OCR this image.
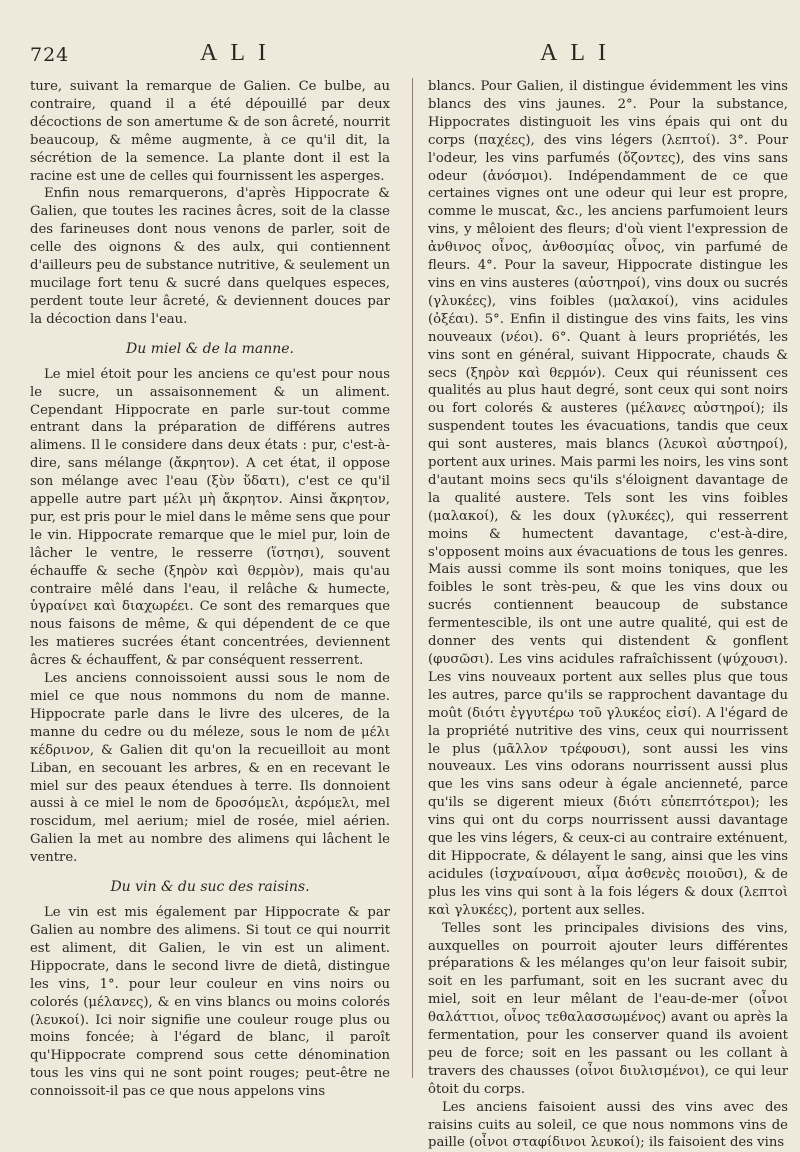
724	ALI	ALI

ture, suivant la remarque de Galien. Ce bulbe, au contraire, quand il a été dépouillé par deux décoctions de son amertume & de son âcreté, nourrit beaucoup, & même augmente, à ce qu'il dit, la sécrétion de la semence. La plante dont il est la racine est une de celles qui fournissent les asperges.

Enfin nous remarquerons, d'après Hippocrate & Galien, que toutes les racines âcres, soit de la classe des farineuses dont nous venons de parler, soit de celle des oignons & des aulx, qui contiennent d'ailleurs peu de substance nutritive, & seulement un mucilage fort tenu & sucré dans quelques especes, perdent toute leur âcreté, & deviennent douces par la décoction dans l'eau.

Du miel & de la manne.

Le miel étoit pour les anciens ce qu'est pour nous le sucre, un assaisonnement & un aliment. Cependant Hippocrate en parle sur-tout comme entrant dans la préparation de différens autres alimens. Il le considere dans deux états : pur, c'est-à-dire, sans mélange (ἄκρητον). A cet état, il oppose son mélange avec l'eau (ξὺν ὕδατι), c'est ce qu'il appelle autre part μέλι μὴ ἄκρητον. Ainsi ἄκρητον, pur, est pris pour le miel dans le même sens que pour le vin. Hippocrate remarque que le miel pur, loin de lâcher le ventre, le resserre (ἵστησι), souvent échauffe & seche (ξηρὸν καὶ θερμὸν), mais qu'au contraire mêlé dans l'eau, il relâche & humecte, ὑγραίνει καὶ διαχωρέει. Ce sont des remarques que nous faisons de même, & qui dépendent de ce que les matieres sucrées étant concentrées, deviennent âcres & échauffent, & par conséquent resserrent.

Les anciens connoissoient aussi sous le nom de miel ce que nous nommons du nom de manne. Hippocrate parle dans le livre des ulceres, de la manne du cedre ou du méleze, sous le nom de μέλι κέδρινον, & Galien dit qu'on la recueilloit au mont Liban, en secouant les arbres, & en en recevant le miel sur des peaux étendues à terre. Ils donnoient aussi à ce miel le nom de δροσόμελι, ἀερόμελι, mel roscidum, mel aerium; miel de rosée, miel aérien. Galien la met au nombre des alimens qui lâchent le ventre.

Du vin & du suc des raisins.

Le vin est mis également par Hippocrate & par Galien au nombre des alimens. Si tout ce qui nourrit est aliment, dit Galien, le vin est un aliment. Hippocrate, dans le second livre de dietâ, distingue les vins, 1°. pour leur couleur en vins noirs ou colorés (μέλανες), & en vins blancs ou moins colorés (λευκοί). Ici noir signifie une couleur rouge plus ou moins foncée; à l'égard de blanc, il paroît qu'Hippocrate comprend sous cette dénomination tous les vins qui ne sont point rouges; peut-être ne connoissoit-il pas ce que nous appelons vins

blancs. Pour Galien, il distingue évidemment les vins blancs des vins jaunes. 2°. Pour la substance, Hippocrates distinguoit les vins épais qui ont du corps (παχέες), des vins légers (λεπτοί). 3°. Pour l'odeur, les vins parfumés (ὄζοντες), des vins sans odeur (ἀνόσμοι). Indépendamment de ce que certaines vignes ont une odeur qui leur est propre, comme le muscat, &c., les anciens parfumoient leurs vins, y mêloient des fleurs; d'où vient l'expression de ἀνθινος οἶνος, ἀνθοσμίας οἶνος, vin parfumé de fleurs. 4°. Pour la saveur, Hippocrate distingue les vins en vins austeres (αὐστηροί), vins doux ou sucrés (γλυκέες), vins foibles (μαλακοί), vins acidules (ὀξέαι). 5°. Enfin il distingue des vins faits, les vins nouveaux (νέοι). 6°. Quant à leurs propriétés, les vins sont en général, suivant Hippocrate, chauds & secs (ξηρὸν καὶ θερμόν). Ceux qui réunissent ces qualités au plus haut degré, sont ceux qui sont noirs ou fort colorés & austeres (μέλανες αὐστηροί); ils suspendent toutes les évacuations, tandis que ceux qui sont austeres, mais blancs (λευκοὶ αὐστηροί), portent aux urines. Mais parmi les noirs, les vins sont d'autant moins secs qu'ils s'éloignent davantage de la qualité austere. Tels sont les vins foibles (μαλακοί), & les doux (γλυκέες), qui resserrent moins & humectent davantage, c'est-à-dire, s'opposent moins aux évacuations de tous les genres. Mais aussi comme ils sont moins toniques, que les foibles le sont très-peu, & que les vins doux ou sucrés contiennent beaucoup de substance fermentescible, ils ont une autre qualité, qui est de donner des vents qui distendent & gonflent (φυσῶσι). Les vins acidules rafraîchissent (ψύχουσι). Les vins nouveaux portent aux selles plus que tous les autres, parce qu'ils se rapprochent davantage du moût (διότι ἐγγυτέρω τοῦ γλυκέος εἰσί). A l'égard de la propriété nutritive des vins, ceux qui nourrissent le plus (μᾶλλον τρέφουσι), sont aussi les vins nouveaux. Les vins odorans nourrissent aussi plus que les vins sans odeur à égale ancienneté, parce qu'ils se digerent mieux (διότι εὐπεπτότεροι); les vins qui ont du corps nourrissent aussi davantage que les vins légers, & ceux-ci au contraire exténuent, dit Hippocrate, & délayent le sang, ainsi que les vins acidules (ἰσχναίνουσι, αἷμα ἀσθενὲς ποιοῦσι), & de plus les vins qui sont à la fois légers & doux (λεπτοὶ καὶ γλυκέες), portent aux selles.

Telles sont les principales divisions des vins, auxquelles on pourroit ajouter leurs différentes préparations & les mélanges qu'on leur faisoit subir, soit en les parfumant, soit en les sucrant avec du miel, soit en leur mêlant de l'eau-de-mer (οἶνοι θαλάττιοι, οἶνος τεθαλασσωμένος) avant ou après la fermentation, pour les conserver quand ils avoient peu de force; soit en les passant ou les collant à travers des chausses (οἶνοι διυλισμένοι), ce qui leur ôtoit du corps.

Les anciens faisoient aussi des vins avec des raisins cuits au soleil, ce que nous nommons vins de paille (οἶνοι σταφίδινοι λευκοί); ils faisoient des vins
